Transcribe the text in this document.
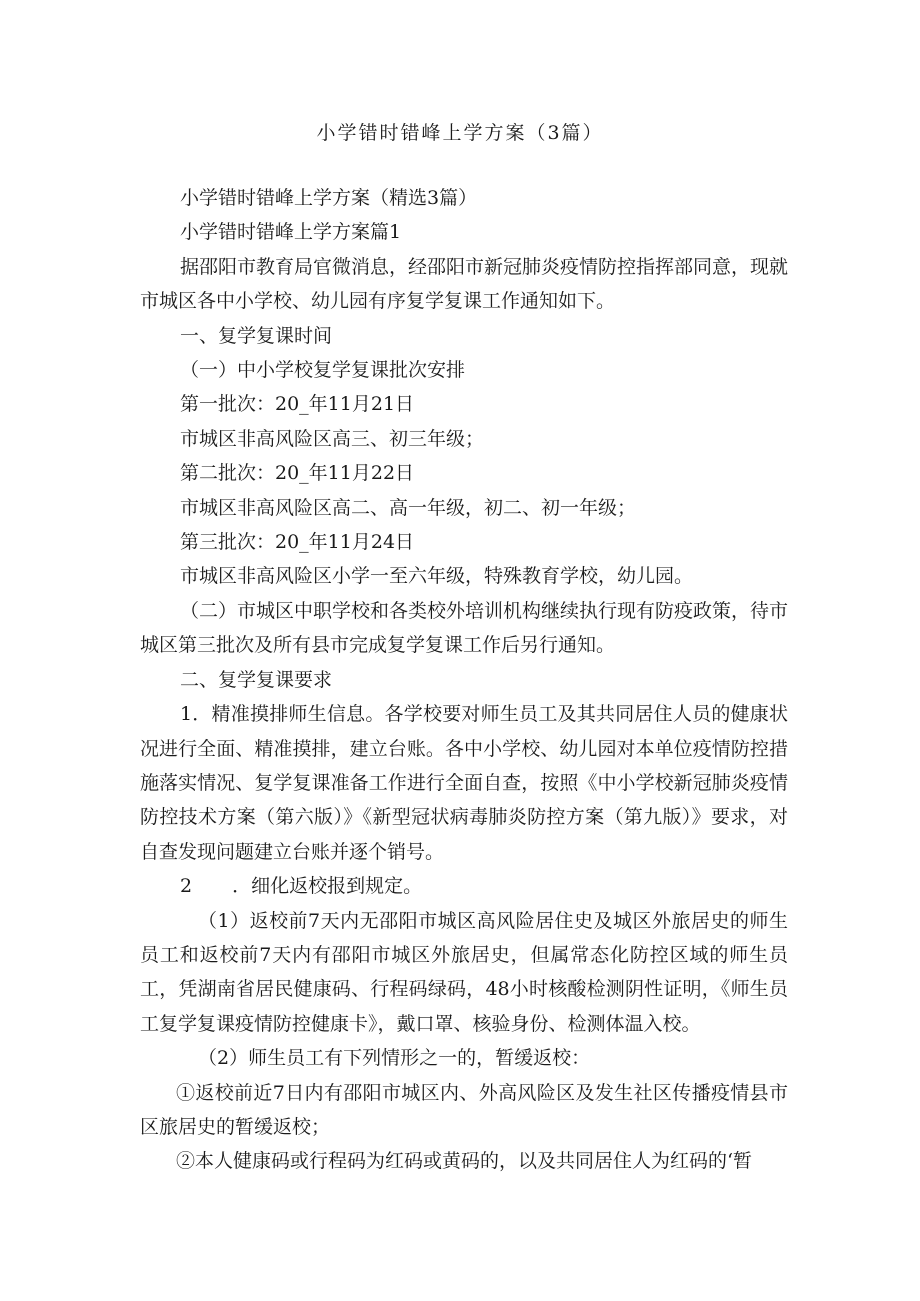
小学错时错峰上学方案（3篇）

小学错时错峰上学方案（精选3篇）

小学错时错峰上学方案篇1

据邵阳市教育局官微消息，经邵阳市新冠肺炎疫情防控指挥部同意，现就市城区各中小学校、幼儿园有序复学复课工作通知如下。

一、复学复课时间

（一）中小学校复学复课批次安排

第一批次：20_年11月21日

市城区非高风险区高三、初三年级；

第二批次：20_年11月22日

市城区非高风险区高二、高一年级，初二、初一年级；

第三批次：20_年11月24日

市城区非高风险区小学一至六年级，特殊教育学校，幼儿园。

（二）市城区中职学校和各类校外培训机构继续执行现有防疫政策，待市城区第三批次及所有县市完成复学复课工作后另行通知。

二、复学复课要求

1．精准摸排师生信息。各学校要对师生员工及其共同居住人员的健康状况进行全面、精准摸排，建立台账。各中小学校、幼儿园对本单位疫情防控措施落实情况、复学复课准备工作进行全面自查，按照《中小学校新冠肺炎疫情防控技术方案（第六版）》《新型冠状病毒肺炎防控方案（第九版）》要求，对自查发现问题建立台账并逐个销号。

2 ．细化返校报到规定。

（1）返校前7天内无邵阳市城区高风险居住史及城区外旅居史的师生员工和返校前7天内有邵阳市城区外旅居史，但属常态化防控区域的师生员工，凭湖南省居民健康码、行程码绿码，48小时核酸检测阴性证明，《师生员工复学复课疫情防控健康卡》，戴口罩、核验身份、检测体温入校。

（2）师生员工有下列情形之一的，暂缓返校：

①返校前近7日内有邵阳市城区内、外高风险区及发生社区传播疫情县市区旅居史的暂缓返校；

②本人健康码或行程码为红码或黄码的，以及共同居住人为红码的‘暂
